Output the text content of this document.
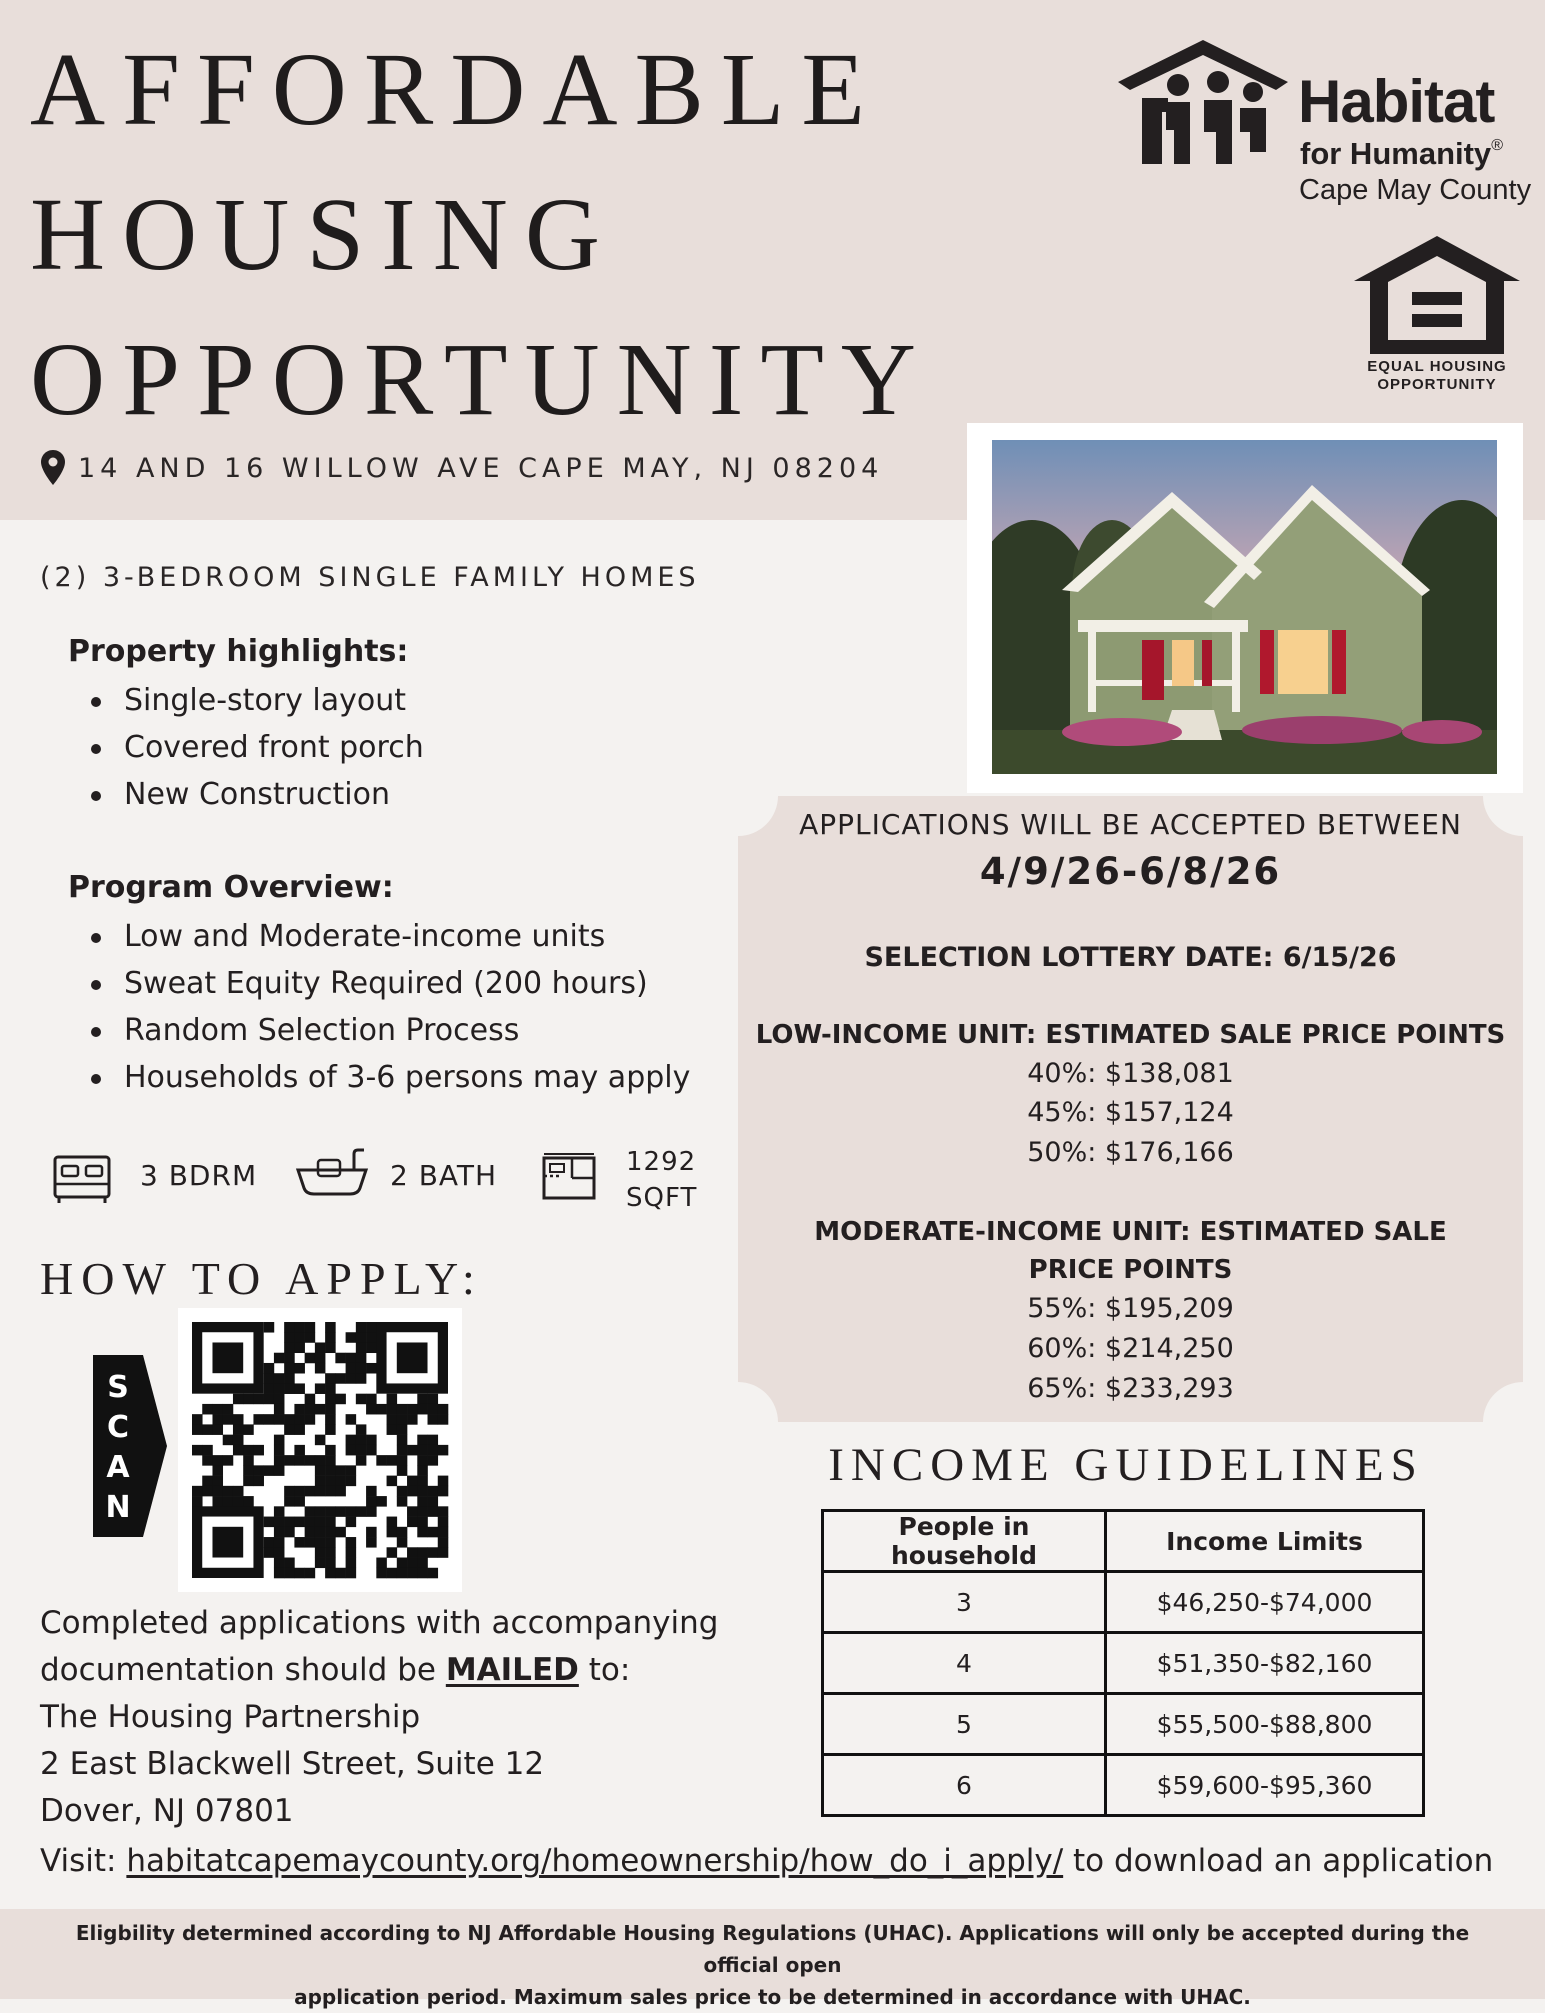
AFFORDABLE
HOUSING
OPPORTUNITY
14 AND 16 WILLOW AVE CAPE MAY, NJ 08204
Habitat
for Humanity®
Cape May County
EQUAL HOUSING
OPPORTUNITY
(2) 3-BEDROOM SINGLE FAMILY HOMES
Property highlights:
Single-story layout
Covered front porch
New Construction
Program Overview:
Low and Moderate-income units
Sweat Equity Required (200 hours)
Random Selection Process
Households of 3-6 persons may apply
3 BDRM	2 BATH	1292
SQFT
HOW TO APPLY:
S
C
A
N
Completed applications with accompanying
documentation should be MAILED to:
The Housing Partnership
2 East Blackwell Street, Suite 12
Dover, NJ 07801
Visit: habitatcapemaycounty.org/homeownership/how_do_i_apply/ to download an application
APPLICATIONS WILL BE ACCEPTED BETWEEN
4/9/26-6/8/26
SELECTION LOTTERY DATE: 6/15/26
LOW-INCOME UNIT: ESTIMATED SALE PRICE POINTS
40%: $138,081
45%: $157,124
50%: $176,166
MODERATE-INCOME UNIT: ESTIMATED SALE
PRICE POINTS
55%: $195,209
60%: $214,250
65%: $233,293
INCOME GUIDELINES
People in household	Income Limits
3	$46,250-$74,000
4	$51,350-$82,160
5	$55,500-$88,800
6	$59,600-$95,360
Eligbility determined according to NJ Affordable Housing Regulations (UHAC). Applications will only be accepted during the official open
application period. Maximum sales price to be determined in accordance with UHAC.
